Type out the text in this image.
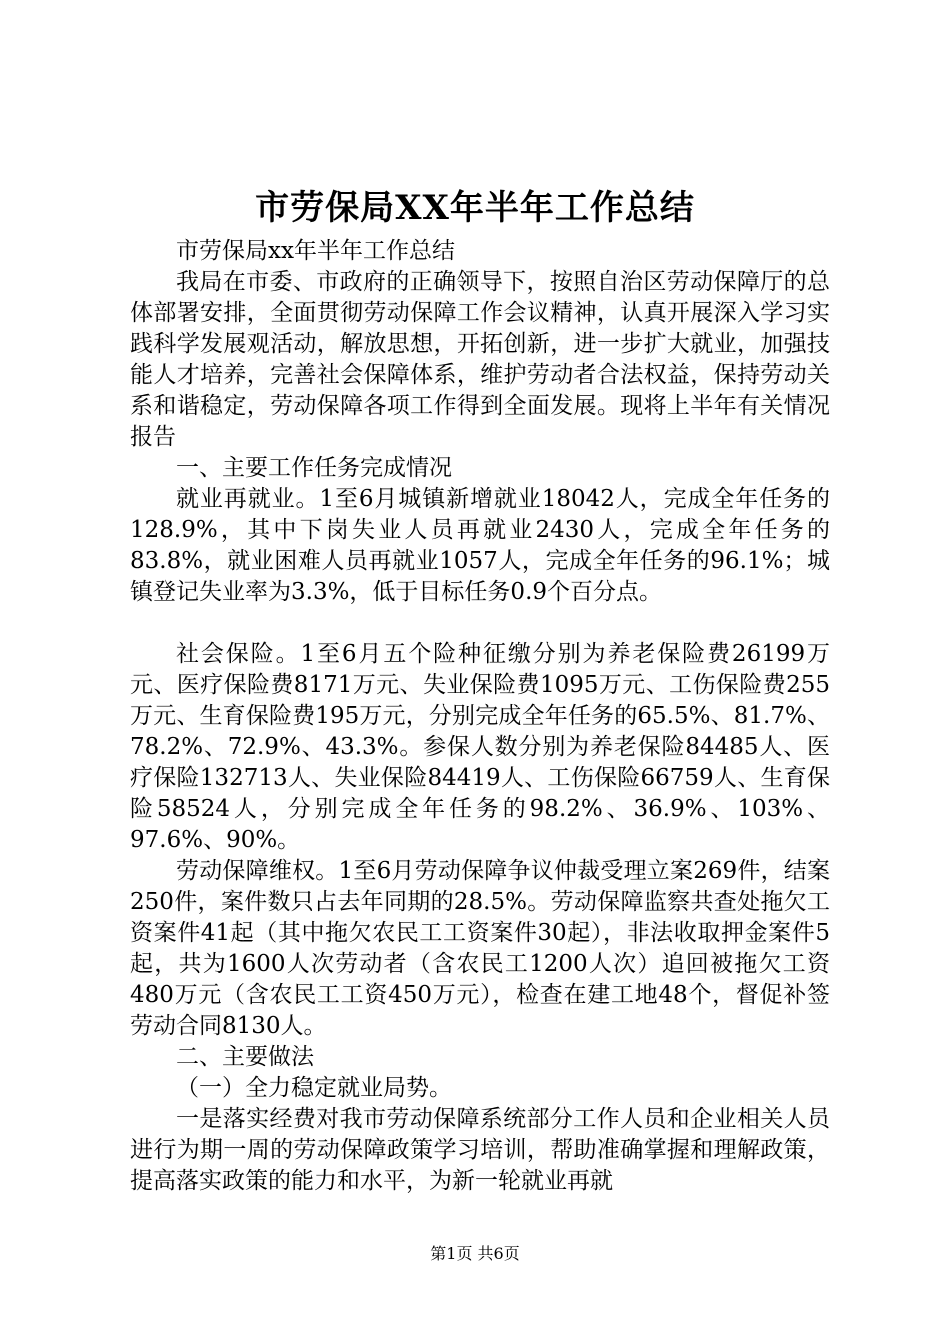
市劳保局XX年半年工作总结

市劳保局xx年半年工作总结

我局在市委、市政府的正确领导下，按照自治区劳动保障厅的总体部署安排，全面贯彻劳动保障工作会议精神，认真开展深入学习实践科学发展观活动，解放思想，开拓创新，进一步扩大就业，加强技能人才培养，完善社会保障体系，维护劳动者合法权益，保持劳动关系和谐稳定，劳动保障各项工作得到全面发展。现将上半年有关情况报告

一、主要工作任务完成情况

就业再就业。1至6月城镇新增就业18042人，完成全年任务的128.9%，其中下岗失业人员再就业2430人，完成全年任务的83.8%，就业困难人员再就业1057人，完成全年任务的96.1%；城镇登记失业率为3.3%，低于目标任务0.9个百分点。

社会保险。1至6月五个险种征缴分别为养老保险费26199万元、医疗保险费8171万元、失业保险费1095万元、工伤保险费255万元、生育保险费195万元，分别完成全年任务的65.5%、81.7%、78.2%、72.9%、43.3%。参保人数分别为养老保险84485人、医疗保险132713人、失业保险84419人、工伤保险66759人、生育保险58524人，分别完成全年任务的98.2%、36.9%、103%、97.6%、90%。

劳动保障维权。1至6月劳动保障争议仲裁受理立案269件，结案250件，案件数只占去年同期的28.5%。劳动保障监察共查处拖欠工资案件41起（其中拖欠农民工工资案件30起），非法收取押金案件5起，共为1600人次劳动者（含农民工1200人次）追回被拖欠工资480万元（含农民工工资450万元），检查在建工地48个，督促补签劳动合同8130人。

二、主要做法

（一）全力稳定就业局势。

一是落实经费对我市劳动保障系统部分工作人员和企业相关人员进行为期一周的劳动保障政策学习培训，帮助准确掌握和理解政策，提高落实政策的能力和水平，为新一轮就业再就

第1页 共6页
